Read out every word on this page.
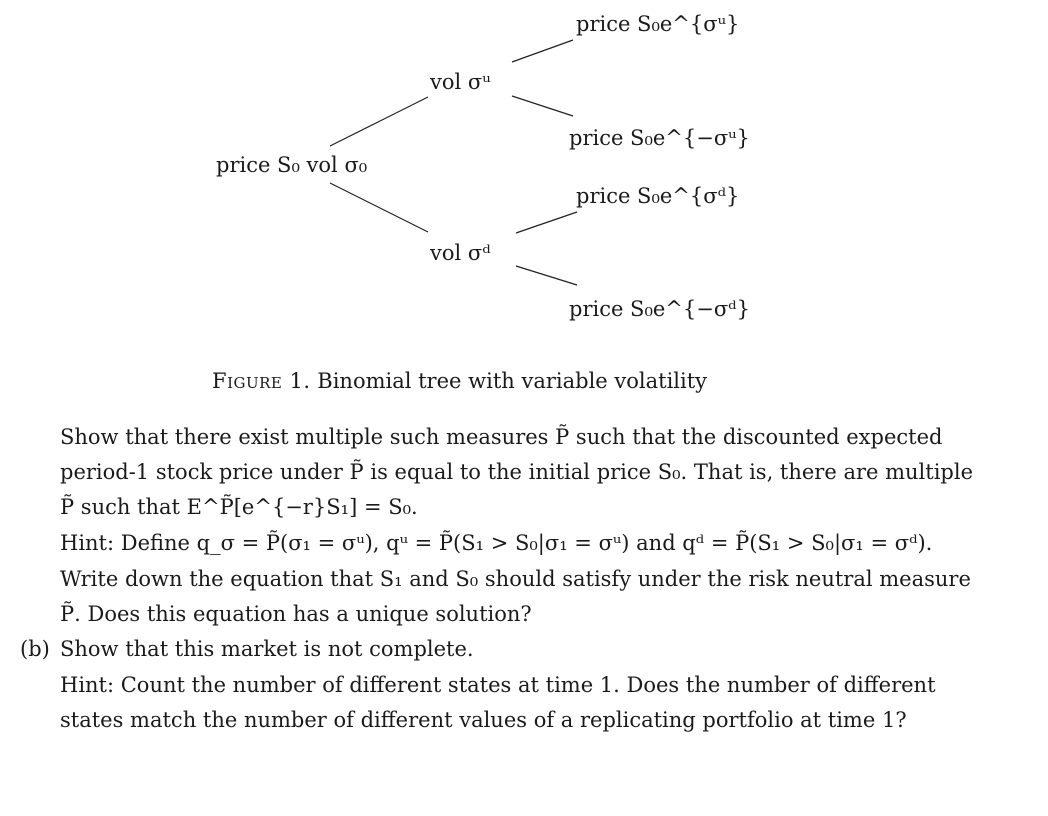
price S₀ vol σ₀
vol σᵘ
vol σᵈ
price S₀e^{σᵘ}
price S₀e^{−σᵘ}
price S₀e^{σᵈ}
price S₀e^{−σᵈ}
Figure 1. Binomial tree with variable volatility
Show that there exist multiple such measures P̃ such that the discounted expected
period-1 stock price under P̃ is equal to the initial price S₀. That is, there are multiple
P̃ such that E^P̃[e^{−r}S₁] = S₀.
Hint: Define q_σ = P̃(σ₁ = σᵘ), qᵘ = P̃(S₁ > S₀|σ₁ = σᵘ) and qᵈ = P̃(S₁ > S₀|σ₁ = σᵈ).
Write down the equation that S₁ and S₀ should satisfy under the risk neutral measure
P̃. Does this equation has a unique solution?
(b) Show that this market is not complete.
Hint: Count the number of different states at time 1. Does the number of different
states match the number of different values of a replicating portfolio at time 1?
